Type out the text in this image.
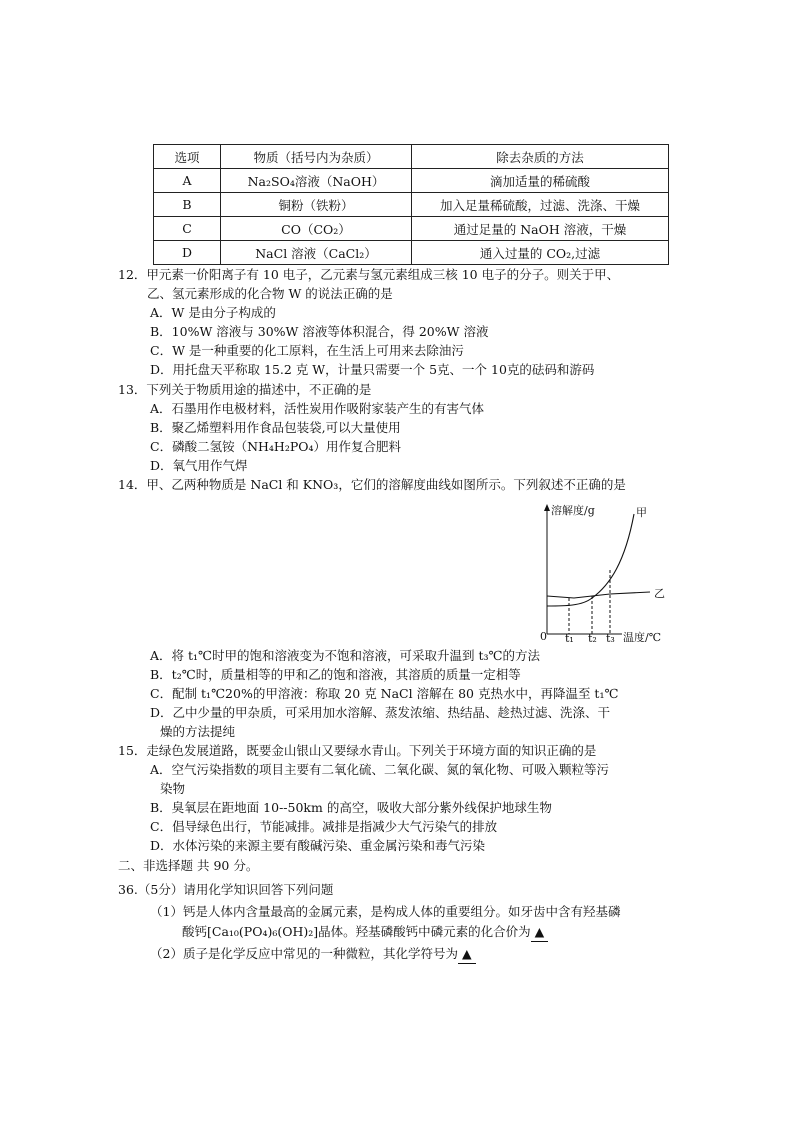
选项	物质（括号内为杂质）	除去杂质的方法
A	Na₂SO₄溶液（NaOH）	滴加适量的稀硫酸
B	铜粉（铁粉）	加入足量稀硫酸，过滤、洗涤、干燥
C	CO（CO₂）	通过足量的 NaOH 溶液，干燥
D	NaCl 溶液（CaCl₂）	通入过量的 CO₂,过滤
12．甲元素一价阳离子有 10 电子，乙元素与氢元素组成三核 10 电子的分子。则关于甲、
乙、氢元素形成的化合物 W 的说法正确的是
A．W 是由分子构成的
B．10%W 溶液与 30%W 溶液等体积混合，得 20%W 溶液
C．W 是一种重要的化工原料，在生活上可用来去除油污
D．用托盘天平称取 15.2 克 W，计量只需要一个 5克、一个 10克的砝码和游码
13．下列关于物质用途的描述中，不正确的是
A．石墨用作电极材料，活性炭用作吸附家装产生的有害气体
B．聚乙烯塑料用作食品包装袋,可以大量使用
C．磷酸二氢铵（NH₄H₂PO₄）用作复合肥料
D．氧气用作气焊
14．甲、乙两种物质是 NaCl 和 KNO₃，它们的溶解度曲线如图所示。下列叙述不正确的是
溶解度/g
0	温度/℃
t₁ t₂ t₃
甲
乙
A．将 t₁℃时甲的饱和溶液变为不饱和溶液，可采取升温到 t₃℃的方法
B．t₂℃时，质量相等的甲和乙的饱和溶液，其溶质的质量一定相等
C．配制 t₁℃20%的甲溶液：称取 20 克 NaCl 溶解在 80 克热水中，再降温至 t₁℃
D．乙中少量的甲杂质，可采用加水溶解、蒸发浓缩、热结晶、趁热过滤、洗涤、干
燥的方法提纯
15．走绿色发展道路，既要金山银山又要绿水青山。下列关于环境方面的知识正确的是
A．空气污染指数的项目主要有二氧化硫、二氧化碳、氮的氧化物、可吸入颗粒等污
染物
B．臭氧层在距地面 10--50km 的高空，吸收大部分紫外线保护地球生物
C．倡导绿色出行，节能减排。减排是指减少大气污染气的排放
D．水体污染的来源主要有酸碱污染、重金属污染和毒气污染
二、非选择题 共 90 分。
36.（5分）请用化学知识回答下列问题
（1）钙是人体内含量最高的金属元素，是构成人体的重要组分。如牙齿中含有羟基磷
酸钙[Ca₁₀(PO₄)₆(OH)₂]晶体。羟基磷酸钙中磷元素的化合价为 ▲
（2）质子是化学反应中常见的一种微粒，其化学符号为 ▲
